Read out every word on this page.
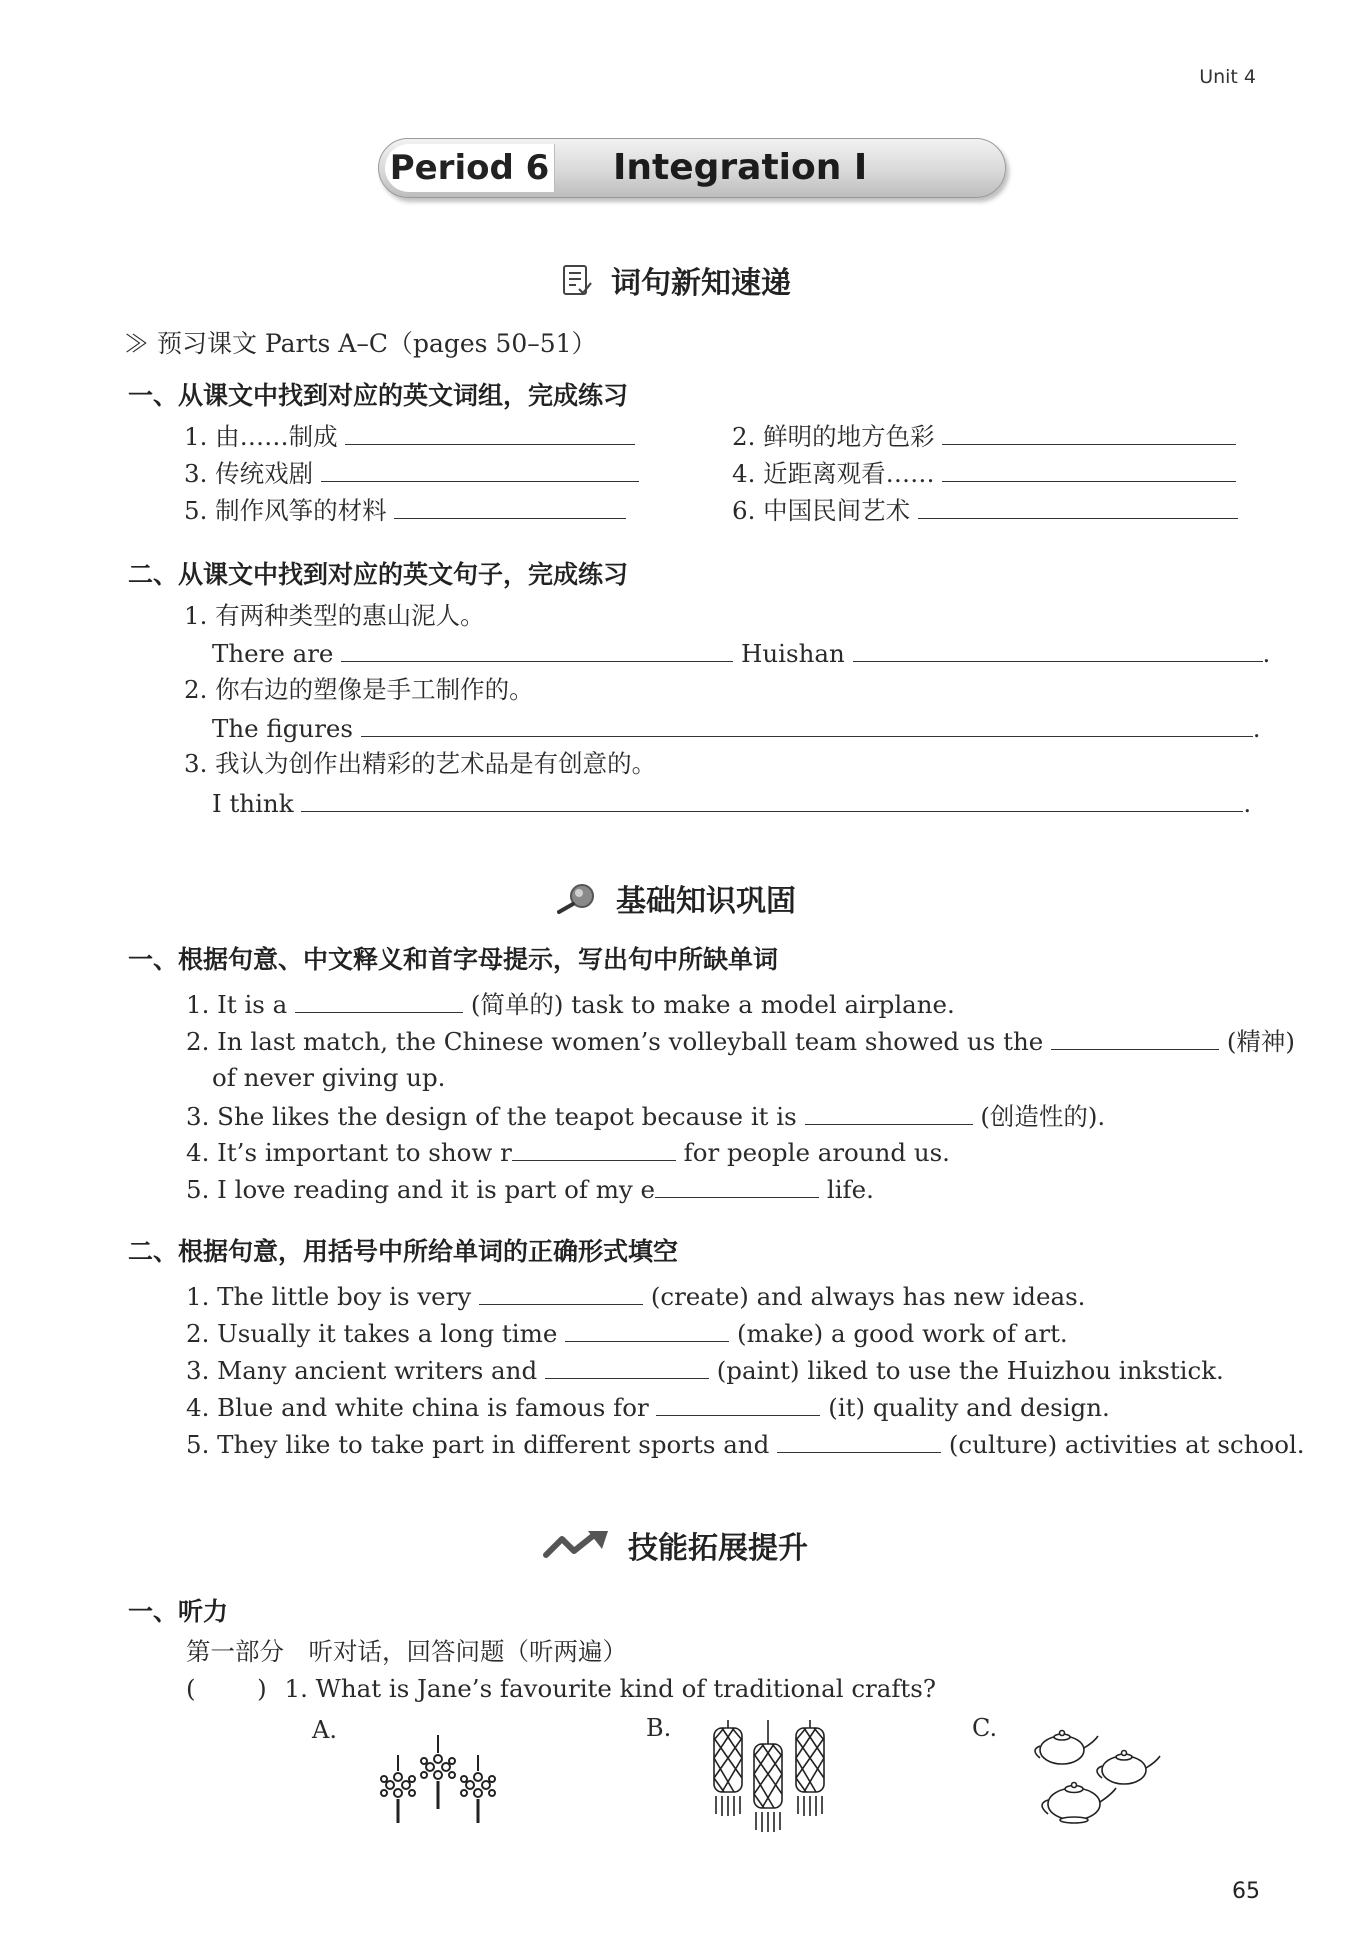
Unit 4
Period 6 Integration I
词句新知速递
≫ 预习课文 Parts A–C（pages 50–51）
一、从课文中找到对应的英文词组，完成练习
1. 由……制成	2. 鲜明的地方色彩
3. 传统戏剧	4. 近距离观看……
5. 制作风筝的材料	6. 中国民间艺术
二、从课文中找到对应的英文句子，完成练习
1. 有两种类型的惠山泥人。
There are	Huishan	.
2. 你右边的塑像是手工制作的。
The figures	.
3. 我认为创作出精彩的艺术品是有创意的。
I think	.
基础知识巩固
一、根据句意、中文释义和首字母提示，写出句中所缺单词
1. It is a	(简单的) task to make a model airplane.
2. In last match, the Chinese women’s volleyball team showed us the	(精神)
of never giving up.
3. She likes the design of the teapot because it is	(创造性的).
4. It’s important to show r	for people around us.
5. I love reading and it is part of my e	life.
二、根据句意，用括号中所给单词的正确形式填空
1. The little boy is very	(create) and always has new ideas.
2. Usually it takes a long time	(make) a good work of art.
3. Many ancient writers and	(paint) liked to use the Huizhou inkstick.
4. Blue and white china is famous for	(it) quality and design.
5. They like to take part in different sports and	(culture) activities at school.
技能拓展提升
一、听力
第一部分　听对话，回答问题（听两遍）
(	) 1. What is Jane’s favourite kind of traditional crafts?
A.	B.	C.
65
